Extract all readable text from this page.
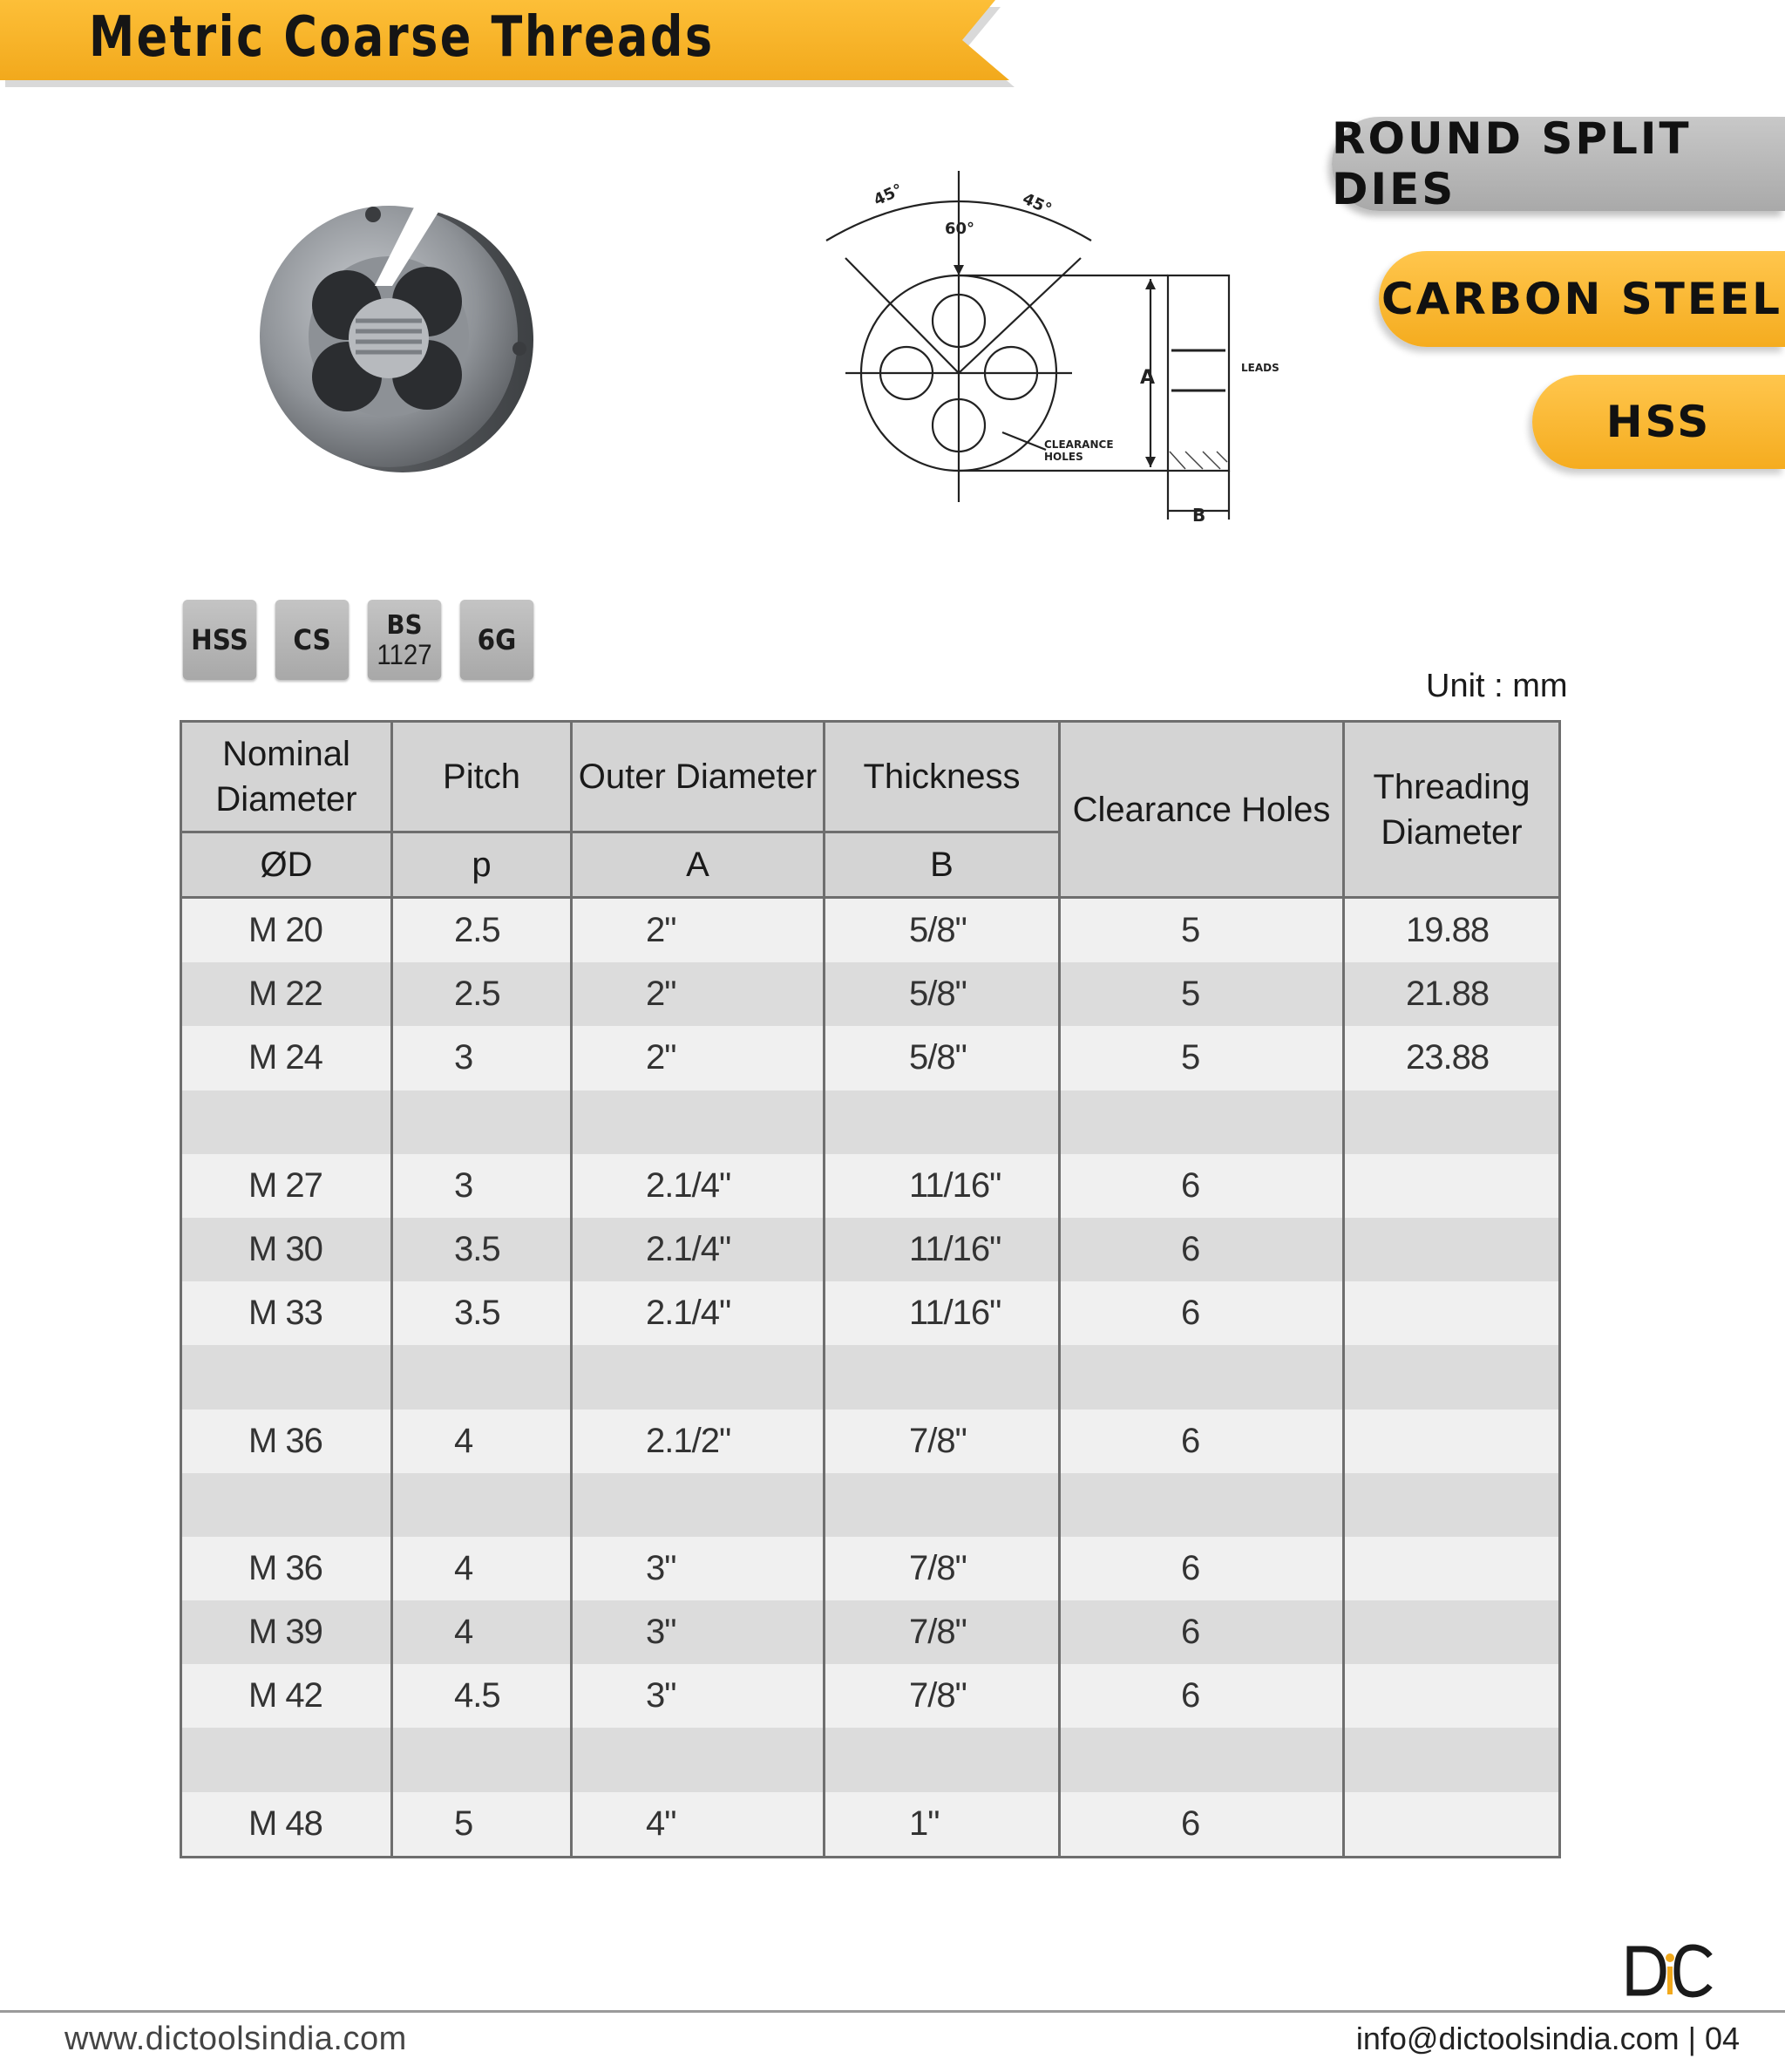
Metric Coarse Threads
ROUND SPLIT DIES
CARBON STEEL
HSS
45°	45°
60°
A
B
LEADS
CLEARANCE
HOLES
HSS CS BS
1127 6G
Unit : mm
Nominal Diameter	Pitch	Outer Diameter	Thickness	Clearance Holes	Threading Diameter
ØD	p	A	B		
M 20	2.5	2"	5/8"	5	19.88
M 22	2.5	2"	5/8"	5	21.88
M 24	3	2"	5/8"	5	23.88

M 27	3	2.1/4"	11/16"	6	
M 30	3.5	2.1/4"	11/16"	6	
M 33	3.5	2.1/4"	11/16"	6	

M 36	4	2.1/2"	7/8"	6	

M 36	4	3"	7/8"	6	
M 39	4	3"	7/8"	6	
M 42	4.5	3"	7/8"	6	

M 48	5	4"	1"	6	
www.dictoolsindia.com	info@dictoolsindia.com | 04
